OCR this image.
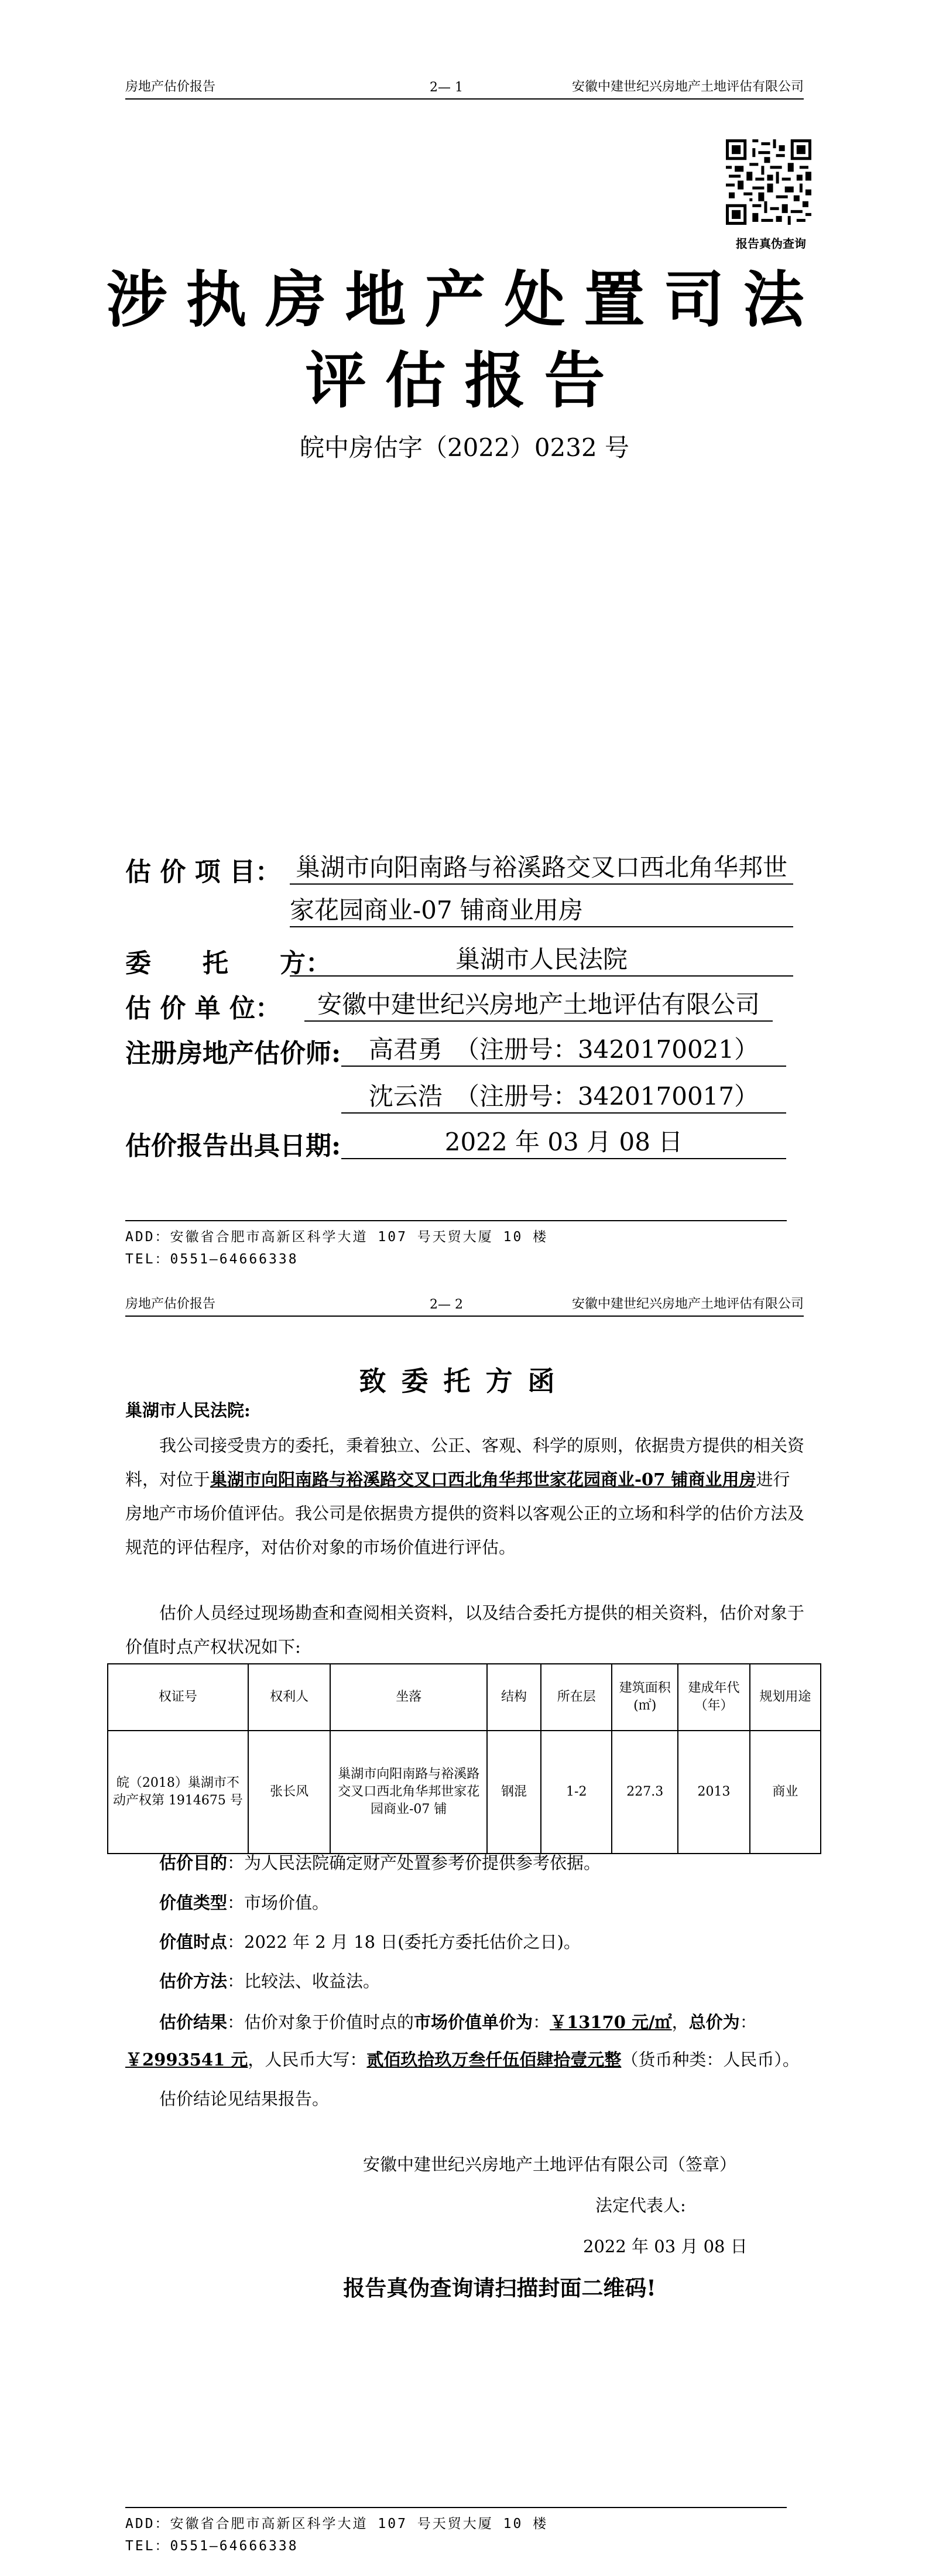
房地产估价报告	2— 1	安徽中建世纪兴房地产土地评估有限公司
报告真伪查询
涉执房地产处置司法
评估报告
皖中房估字（2022）0232 号
估 价 项 目： 巢湖市向阳南路与裕溪路交叉口西北角华邦世
家花园商业-07 铺商业用房
委　　托　　方：	巢湖市人民法院
估 价 单 位：	安徽中建世纪兴房地产土地评估有限公司
注册房地产估价师:	高君勇　（注册号：3420170021）
沈云浩　（注册号：3420170017）
估价报告出具日期:	2022 年 03 月 08 日
ADD：安徽省合肥市高新区科学大道 107 号天贸大厦 10 楼
TEL：0551—64666338
房地产估价报告	2— 2	安徽中建世纪兴房地产土地评估有限公司
致委托方函
巢湖市人民法院:
我公司接受贵方的委托，秉着独立、公正、客观、科学的原则，依据贵方提供的相关资料，对位于巢湖市向阳南路与裕溪路交叉口西北角华邦世家花园商业-07 铺商业用房进行房地产市场价值评估。我公司是依据贵方提供的资料以客观公正的立场和科学的估价方法及规范的评估程序，对估价对象的市场价值进行评估。
估价人员经过现场勘查和查阅相关资料，以及结合委托方提供的相关资料，估价对象于价值时点产权状况如下:
权证号	权利人	坐落	结构	所在层	建筑面积(㎡)	建成年代（年）	规划用途
皖（2018）巢湖市不动产权第 1914675 号	张长风	巢湖市向阳南路与裕溪路交叉口西北角华邦世家花园商业-07 铺	钢混	1-2	227.3	2013	商业
估价目的：为人民法院确定财产处置参考价提供参考依据。
价值类型：市场价值。
价值时点：2022 年 2 月 18 日(委托方委托估价之日)。
估价方法：比较法、收益法。
估价结果：估价对象于价值时点的市场价值单价为：￥13170 元/㎡，总价为：￥2993541 元，人民币大写：贰佰玖拾玖万叁仟伍佰肆拾壹元整（货币种类：人民币）。
估价结论见结果报告。
安徽中建世纪兴房地产土地评估有限公司（签章）
法定代表人:
2022 年 03 月 08 日
报告真伪查询请扫描封面二维码!
ADD：安徽省合肥市高新区科学大道 107 号天贸大厦 10 楼
TEL：0551—64666338
